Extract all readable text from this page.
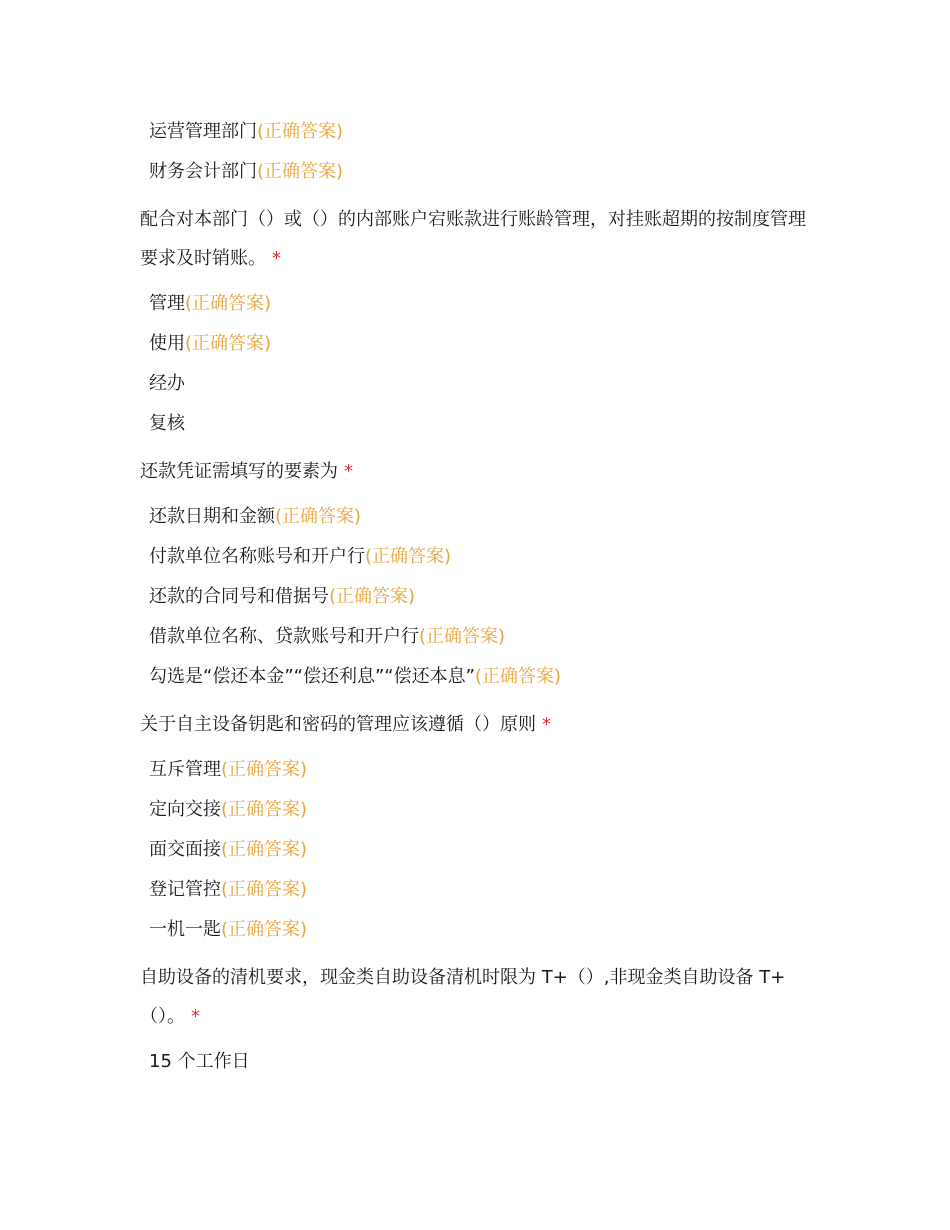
运营管理部门(正确答案)
财务会计部门(正确答案)

配合对本部门（）或（）的内部账户宕账款进行账龄管理，对挂账超期的按制度管理要求及时销账。 *

管理(正确答案)
使用(正确答案)
经办
复核

还款凭证需填写的要素为 *

还款日期和金额(正确答案)
付款单位名称账号和开户行(正确答案)
还款的合同号和借据号(正确答案)
借款单位名称、贷款账号和开户行(正确答案)
勾选是“偿还本金”“偿还利息”“偿还本息”(正确答案)

关于自主设备钥匙和密码的管理应该遵循（）原则 *

互斥管理(正确答案)
定向交接(正确答案)
面交面接(正确答案)
登记管控(正确答案)
一机一匙(正确答案)

自助设备的清机要求，现金类自助设备清机时限为 T+（）,非现金类自助设备 T+（）。 *

15 个工作日
